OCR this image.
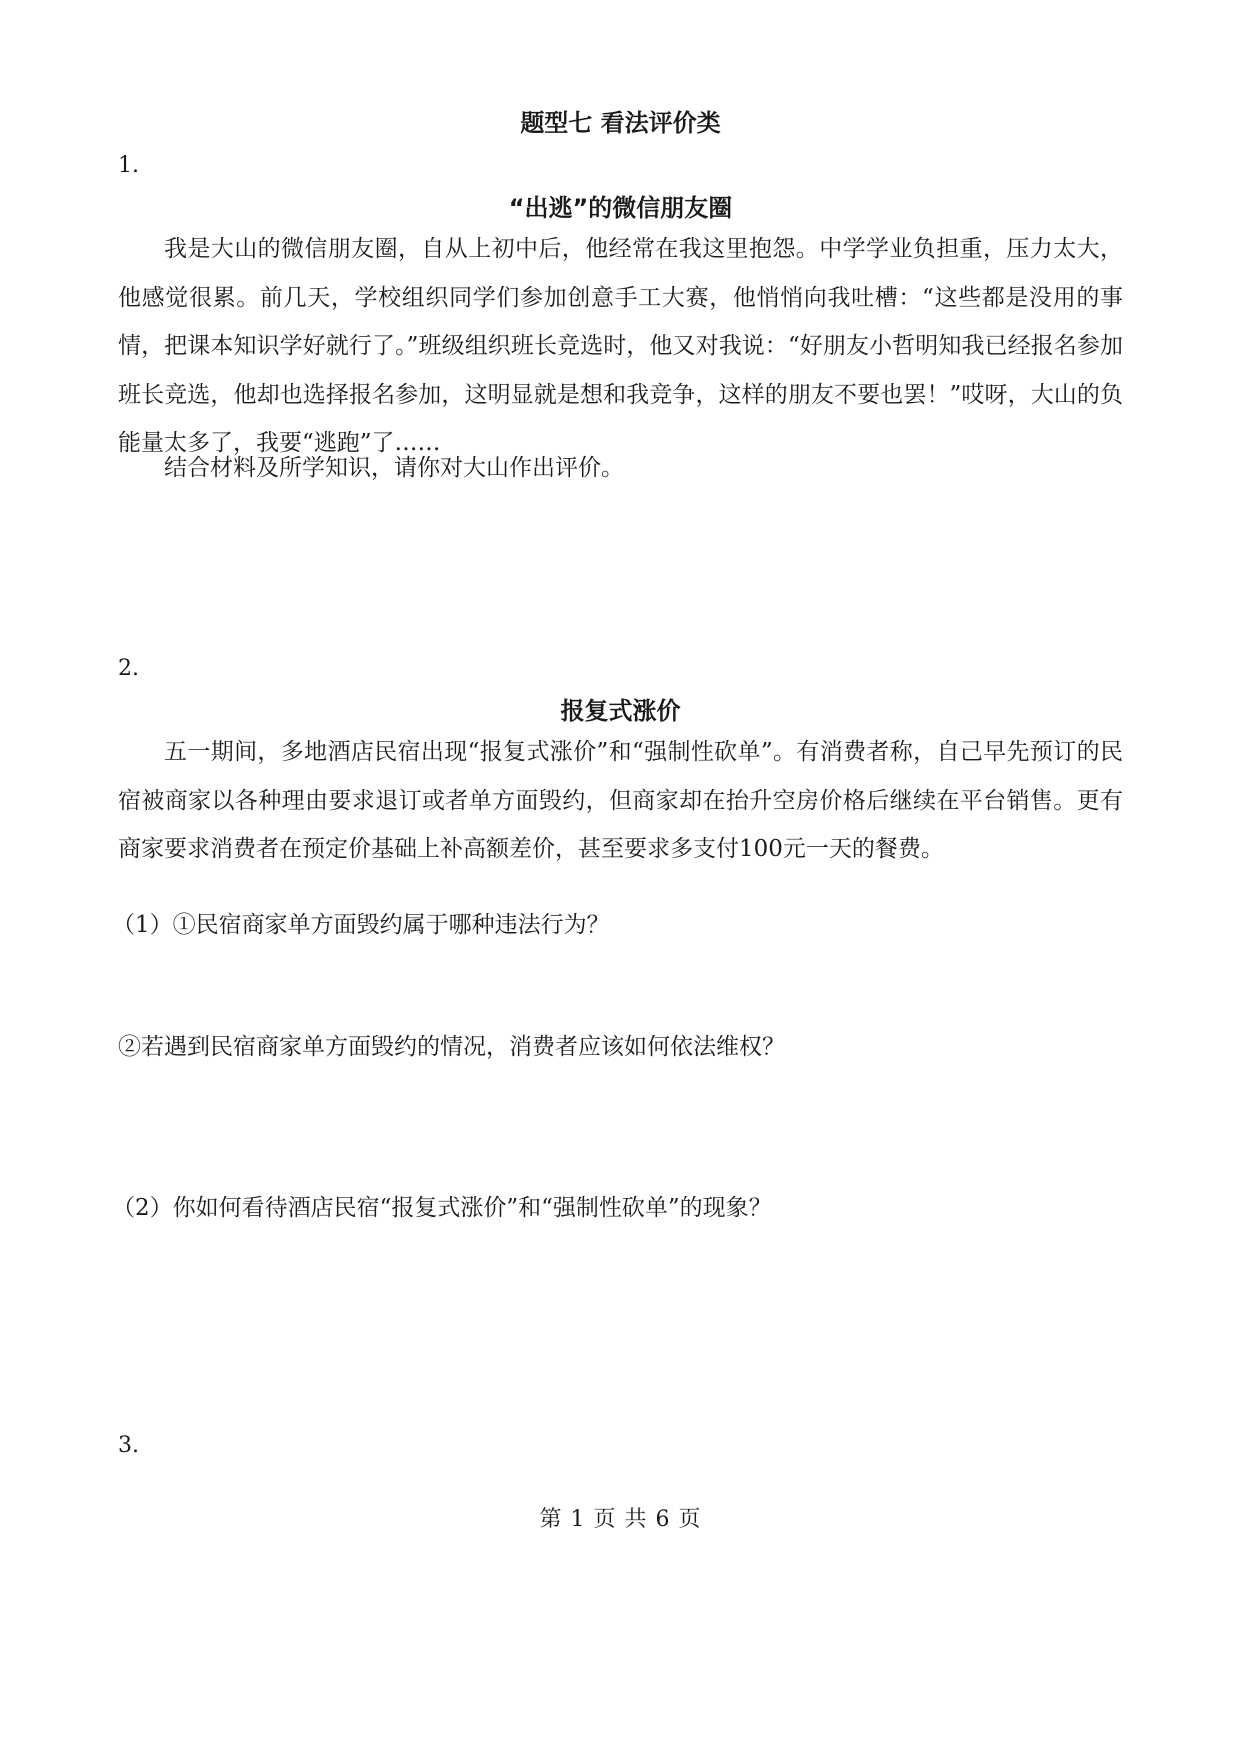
题型七 看法评价类
1.
“出逃”的微信朋友圈
我是大山的微信朋友圈，自从上初中后，他经常在我这里抱怨。中学学业负担重，压力太大，他感觉很累。前几天，学校组织同学们参加创意手工大赛，他悄悄向我吐槽：“这些都是没用的事情，把课本知识学好就行了。”班级组织班长竞选时，他又对我说：“好朋友小哲明知我已经报名参加班长竞选，他却也选择报名参加，这明显就是想和我竞争，这样的朋友不要也罢！”哎呀，大山的负能量太多了，我要“逃跑”了……
结合材料及所学知识，请你对大山作出评价。
2.
报复式涨价
五一期间，多地酒店民宿出现“报复式涨价”和“强制性砍单”。有消费者称，自己早先预订的民宿被商家以各种理由要求退订或者单方面毁约，但商家却在抬升空房价格后继续在平台销售。更有商家要求消费者在预定价基础上补高额差价，甚至要求多支付100元一天的餐费。
（1）①民宿商家单方面毁约属于哪种违法行为？
②若遇到民宿商家单方面毁约的情况，消费者应该如何依法维权？
（2）你如何看待酒店民宿“报复式涨价”和“强制性砍单”的现象？
3.
第 1 页 共 6 页
